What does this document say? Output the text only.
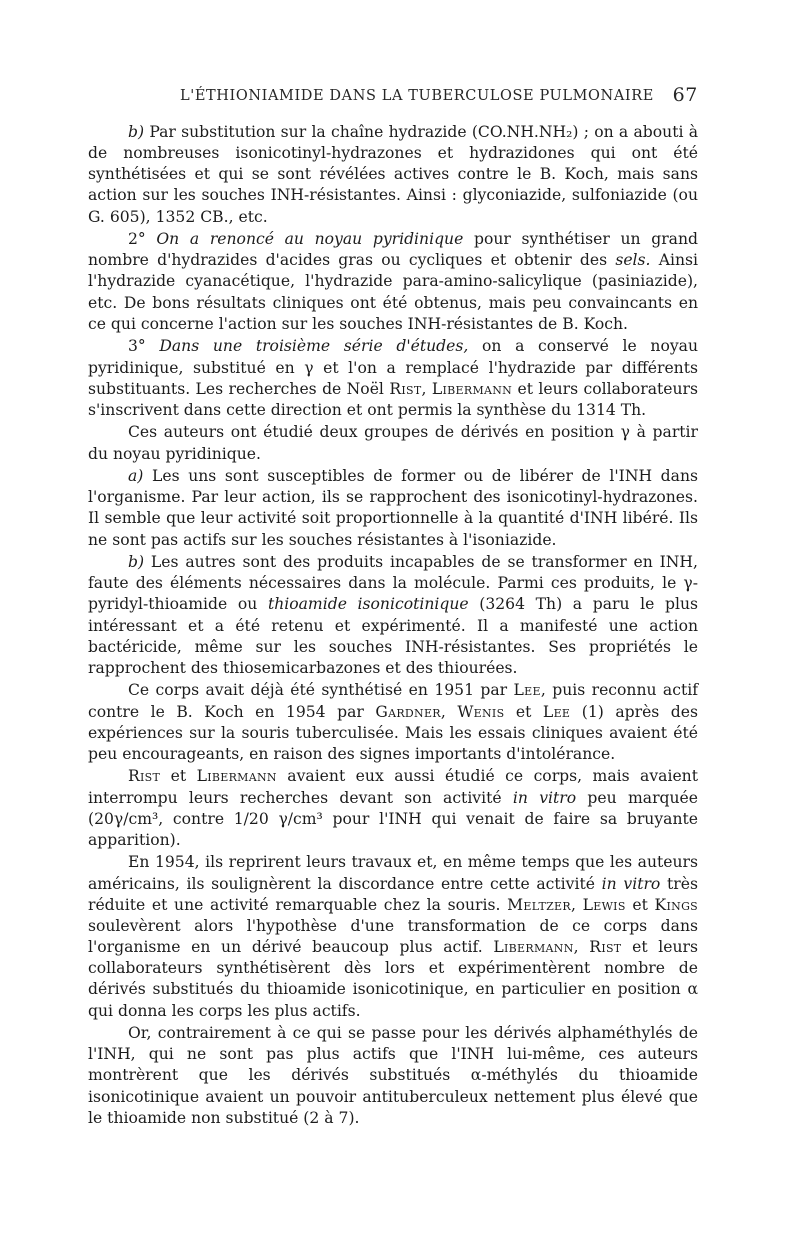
L'ÉTHIONIAMIDE DANS LA TUBERCULOSE PULMONAIRE 67

b) Par substitution sur la chaîne hydrazide (CO.NH.NH₂) ; on a abouti à de nombreuses isonicotinyl-hydrazones et hydrazidones qui ont été synthétisées et qui se sont révélées actives contre le B. Koch, mais sans action sur les souches INH-résistantes. Ainsi : glyconiazide, sulfoniazide (ou G. 605), 1352 CB., etc.

2° On a renoncé au noyau pyridinique pour synthétiser un grand nombre d'hydrazides d'acides gras ou cycliques et obtenir des sels. Ainsi l'hydrazide cyanacétique, l'hydrazide para-amino-salicylique (pasiniazide), etc. De bons résultats cliniques ont été obtenus, mais peu convaincants en ce qui concerne l'action sur les souches INH-résistantes de B. Koch.

3° Dans une troisième série d'études, on a conservé le noyau pyridinique, substitué en γ et l'on a remplacé l'hydrazide par différents substituants. Les recherches de Noël Rist, Libermann et leurs collaborateurs s'inscrivent dans cette direction et ont permis la synthèse du 1314 Th.

Ces auteurs ont étudié deux groupes de dérivés en position γ à partir du noyau pyridinique.

a) Les uns sont susceptibles de former ou de libérer de l'INH dans l'organisme. Par leur action, ils se rapprochent des isonicotinyl-hydrazones. Il semble que leur activité soit proportionnelle à la quantité d'INH libéré. Ils ne sont pas actifs sur les souches résistantes à l'isoniazide.

b) Les autres sont des produits incapables de se transformer en INH, faute des éléments nécessaires dans la molécule. Parmi ces produits, le γ-pyridyl-thioamide ou thioamide isonicotinique (3264 Th) a paru le plus intéressant et a été retenu et expérimenté. Il a manifesté une action bactéricide, même sur les souches INH-résistantes. Ses propriétés le rapprochent des thiosemicarbazones et des thiourées.

Ce corps avait déjà été synthétisé en 1951 par Lee, puis reconnu actif contre le B. Koch en 1954 par Gardner, Wenis et Lee (1) après des expériences sur la souris tuberculisée. Mais les essais cliniques avaient été peu encourageants, en raison des signes importants d'intolérance.

Rist et Libermann avaient eux aussi étudié ce corps, mais avaient interrompu leurs recherches devant son activité in vitro peu marquée (20γ/cm³, contre 1/20 γ/cm³ pour l'INH qui venait de faire sa bruyante apparition).

En 1954, ils reprirent leurs travaux et, en même temps que les auteurs américains, ils soulignèrent la discordance entre cette activité in vitro très réduite et une activité remarquable chez la souris. Meltzer, Lewis et Kings soulevèrent alors l'hypothèse d'une transformation de ce corps dans l'organisme en un dérivé beaucoup plus actif. Libermann, Rist et leurs collaborateurs synthétisèrent dès lors et expérimentèrent nombre de dérivés substitués du thioamide isonicotinique, en particulier en position α qui donna les corps les plus actifs.

Or, contrairement à ce qui se passe pour les dérivés alphaméthylés de l'INH, qui ne sont pas plus actifs que l'INH lui-même, ces auteurs montrèrent que les dérivés substitués α-méthylés du thioamide isonicotinique avaient un pouvoir antituberculeux nettement plus élevé que le thioamide non substitué (2 à 7).
